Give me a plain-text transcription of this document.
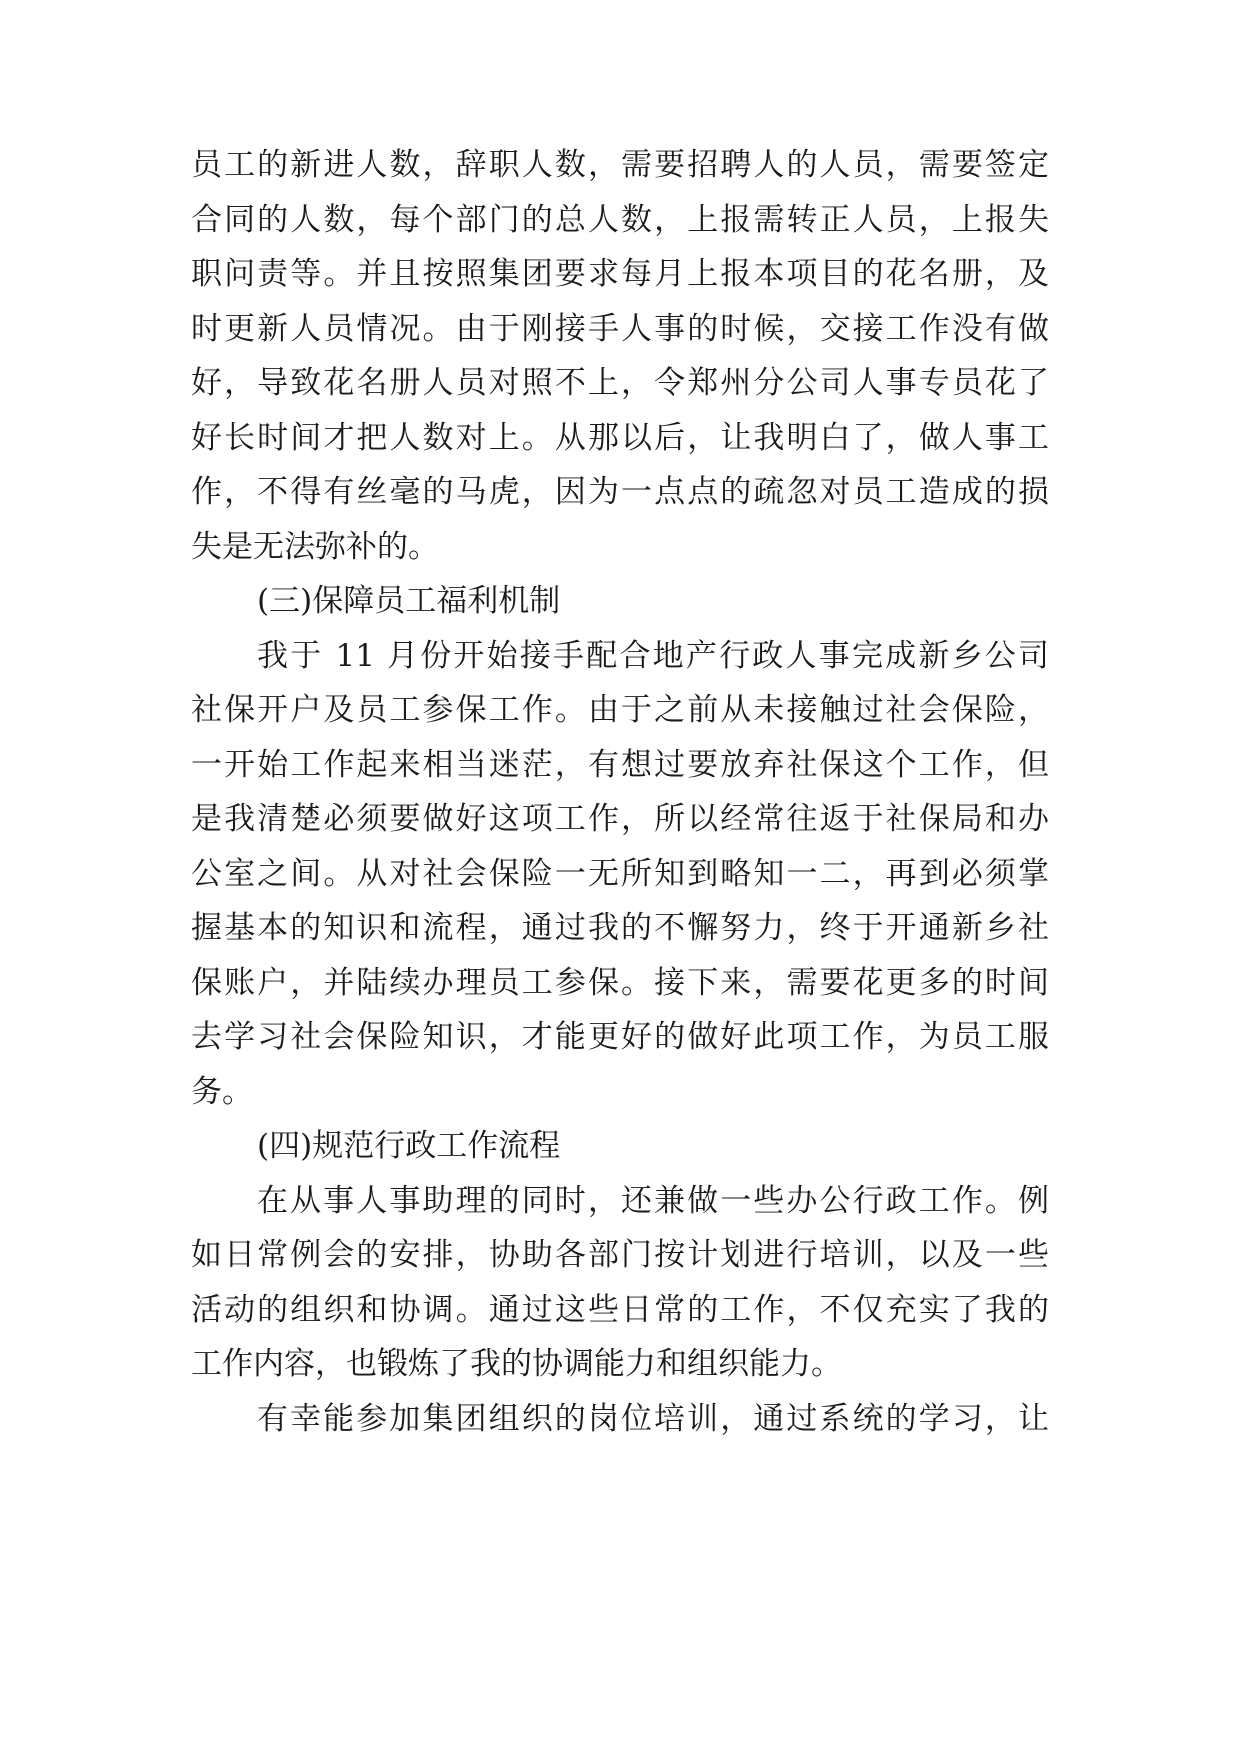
员工的新进人数，辞职人数，需要招聘人的人员，需要签定
合同的人数，每个部门的总人数，上报需转正人员，上报失
职问责等。并且按照集团要求每月上报本项目的花名册，及
时更新人员情况。由于刚接手人事的时候，交接工作没有做
好，导致花名册人员对照不上，令郑州分公司人事专员花了
好长时间才把人数对上。从那以后，让我明白了，做人事工
作，不得有丝毫的马虎，因为一点点的疏忽对员工造成的损
失是无法弥补的。
(三)保障员工福利机制
我于 11 月份开始接手配合地产行政人事完成新乡公司
社保开户及员工参保工作。由于之前从未接触过社会保险，
一开始工作起来相当迷茫，有想过要放弃社保这个工作，但
是我清楚必须要做好这项工作，所以经常往返于社保局和办
公室之间。从对社会保险一无所知到略知一二，再到必须掌
握基本的知识和流程，通过我的不懈努力，终于开通新乡社
保账户，并陆续办理员工参保。接下来，需要花更多的时间
去学习社会保险知识，才能更好的做好此项工作，为员工服
务。
(四)规范行政工作流程
在从事人事助理的同时，还兼做一些办公行政工作。例
如日常例会的安排，协助各部门按计划进行培训，以及一些
活动的组织和协调。通过这些日常的工作，不仅充实了我的
工作内容，也锻炼了我的协调能力和组织能力。
有幸能参加集团组织的岗位培训，通过系统的学习，让
